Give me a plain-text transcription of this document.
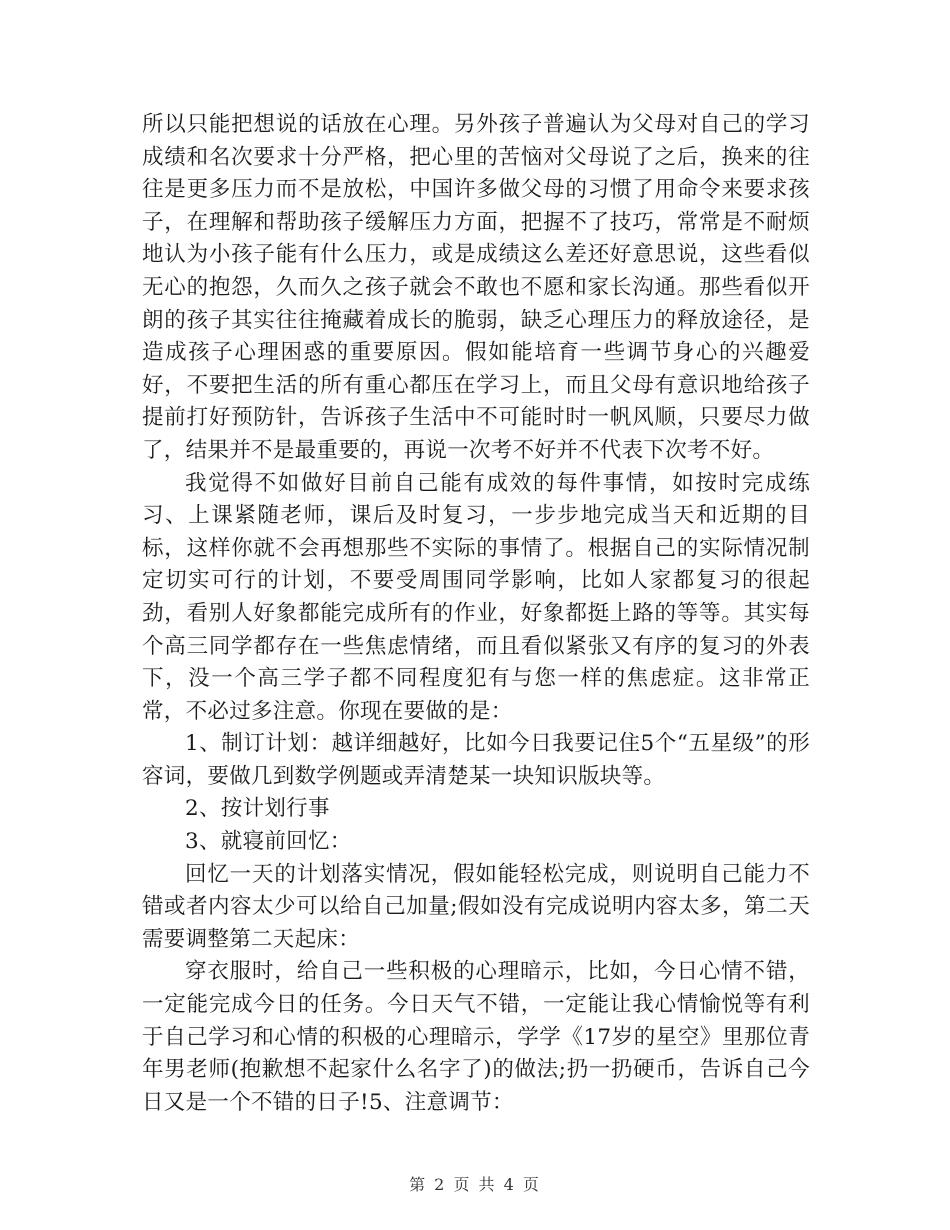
所以只能把想说的话放在心理。另外孩子普遍认为父母对自己的学习成绩和名次要求十分严格，把心里的苦恼对父母说了之后，换来的往往是更多压力而不是放松，中国许多做父母的习惯了用命令来要求孩子，在理解和帮助孩子缓解压力方面，把握不了技巧，常常是不耐烦地认为小孩子能有什么压力，或是成绩这么差还好意思说，这些看似无心的抱怨，久而久之孩子就会不敢也不愿和家长沟通。那些看似开朗的孩子其实往往掩藏着成长的脆弱，缺乏心理压力的释放途径，是造成孩子心理困惑的重要原因。假如能培育一些调节身心的兴趣爱好，不要把生活的所有重心都压在学习上，而且父母有意识地给孩子提前打好预防针，告诉孩子生活中不可能时时一帆风顺，只要尽力做了，结果并不是最重要的，再说一次考不好并不代表下次考不好。

我觉得不如做好目前自己能有成效的每件事情，如按时完成练习、上课紧随老师，课后及时复习，一步步地完成当天和近期的目标，这样你就不会再想那些不实际的事情了。根据自己的实际情况制定切实可行的计划，不要受周围同学影响，比如人家都复习的很起劲，看别人好象都能完成所有的作业，好象都挺上路的等等。其实每个高三同学都存在一些焦虑情绪，而且看似紧张又有序的复习的外表下，没一个高三学子都不同程度犯有与您一样的焦虑症。这非常正常，不必过多注意。你现在要做的是：

1、制订计划：越详细越好，比如今日我要记住5个“五星级”的形容词，要做几到数学例题或弄清楚某一块知识版块等。

2、按计划行事

3、就寝前回忆：

回忆一天的计划落实情况，假如能轻松完成，则说明自己能力不错或者内容太少可以给自己加量;假如没有完成说明内容太多，第二天需要调整第二天起床：

穿衣服时，给自己一些积极的心理暗示，比如，今日心情不错，一定能完成今日的任务。今日天气不错，一定能让我心情愉悦等有利于自己学习和心情的积极的心理暗示，学学《17岁的星空》里那位青年男老师(抱歉想不起家什么名字了)的做法;扔一扔硬币，告诉自己今日又是一个不错的日子!5、注意调节：

第 2 页 共 4 页
